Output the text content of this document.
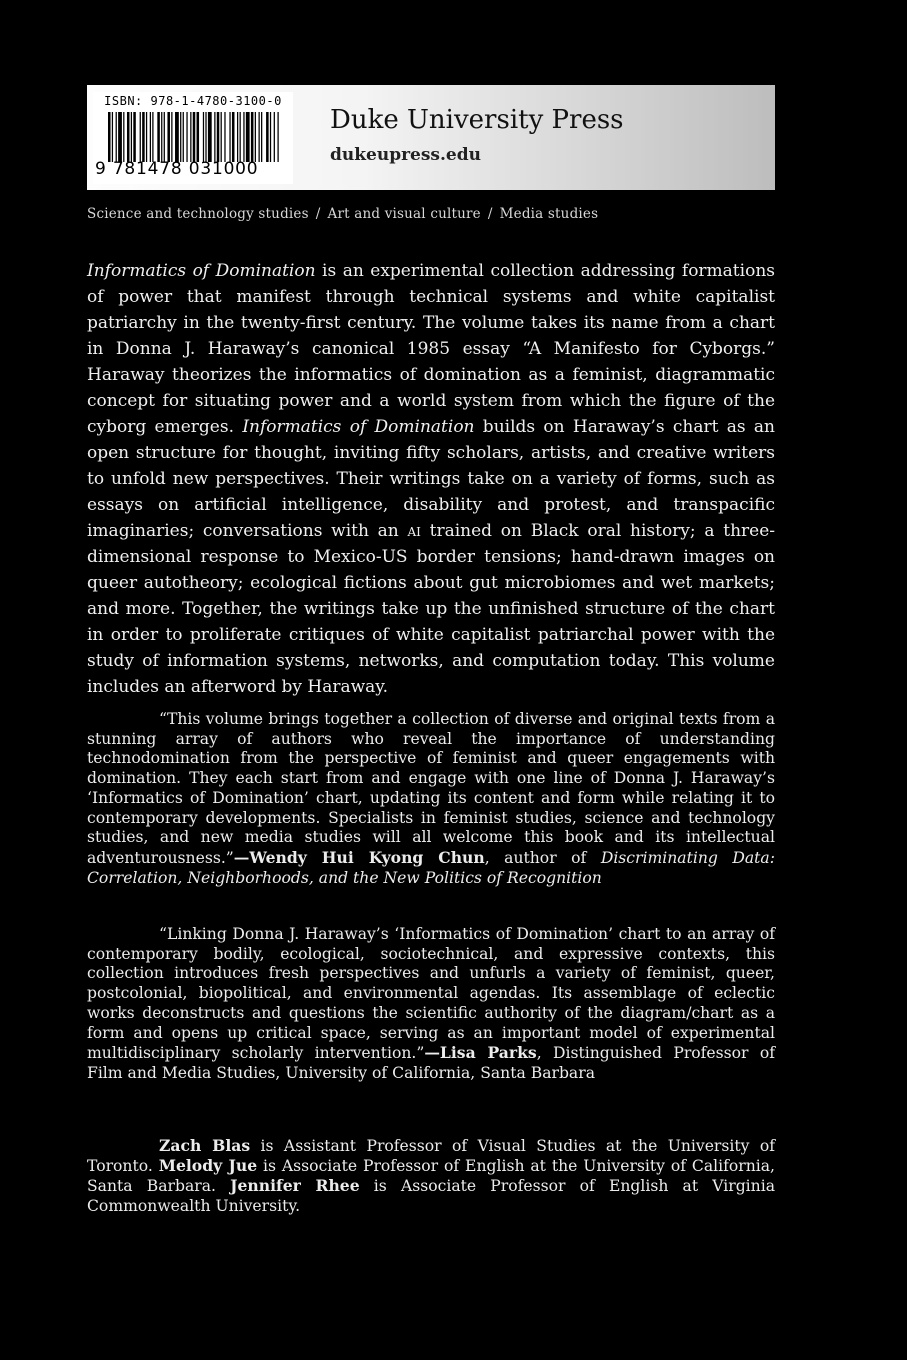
ISBN: 978-1-4780-3100-0
9 781478 031000
Duke University Press
dukeupress.edu
Science and technology studies / Art and visual culture / Media studies

Informatics of Domination is an experimental collection addressing formations of power that manifest through technical systems and white capitalist patriarchy in the twenty-first century. The volume takes its name from a chart in Donna J. Haraway’s canonical 1985 essay “A Manifesto for Cyborgs.” Haraway theorizes the informatics of domination as a feminist, diagrammatic concept for situating power and a world system from which the figure of the cyborg emerges. Informatics of Domination builds on Haraway’s chart as an open structure for thought, inviting fifty scholars, artists, and creative writers to unfold new perspectives. Their writings take on a variety of forms, such as essays on artificial intelligence, disability and protest, and transpacific imaginaries; conversations with an ai trained on Black oral history; a three-dimensional response to Mexico-US border tensions; hand-drawn images on queer autotheory; ecological fictions about gut microbiomes and wet markets; and more. Together, the writings take up the unfinished structure of the chart in order to proliferate critiques of white capitalist patriarchal power with the study of information systems, networks, and computation today. This volume includes an afterword by Haraway.

“This volume brings together a collection of diverse and original texts from a stunning array of authors who reveal the importance of understanding technodomination from the perspective of feminist and queer engagements with domination. They each start from and engage with one line of Donna J. Haraway’s ‘Informatics of Domination’ chart, updating its content and form while relating it to contemporary developments. Specialists in feminist studies, science and technology studies, and new media studies will all welcome this book and its intellectual adventurousness.”—Wendy Hui Kyong Chun, author of Discriminating Data: Correlation, Neighborhoods, and the New Politics of Recognition

“Linking Donna J. Haraway’s ‘Informatics of Domination’ chart to an array of contemporary bodily, ecological, sociotechnical, and expressive contexts, this collection introduces fresh perspectives and unfurls a variety of feminist, queer, postcolonial, biopolitical, and environmental agendas. Its assemblage of eclectic works deconstructs and questions the scientific authority of the diagram/chart as a form and opens up critical space, serving as an important model of experimental multidisciplinary scholarly intervention.”—Lisa Parks, Distinguished Professor of Film and Media Studies, University of California, Santa Barbara

Zach Blas is Assistant Professor of Visual Studies at the University of Toronto. Melody Jue is Associate Professor of English at the University of California, Santa Barbara. Jennifer Rhee is Associate Professor of English at Virginia Commonwealth University.
